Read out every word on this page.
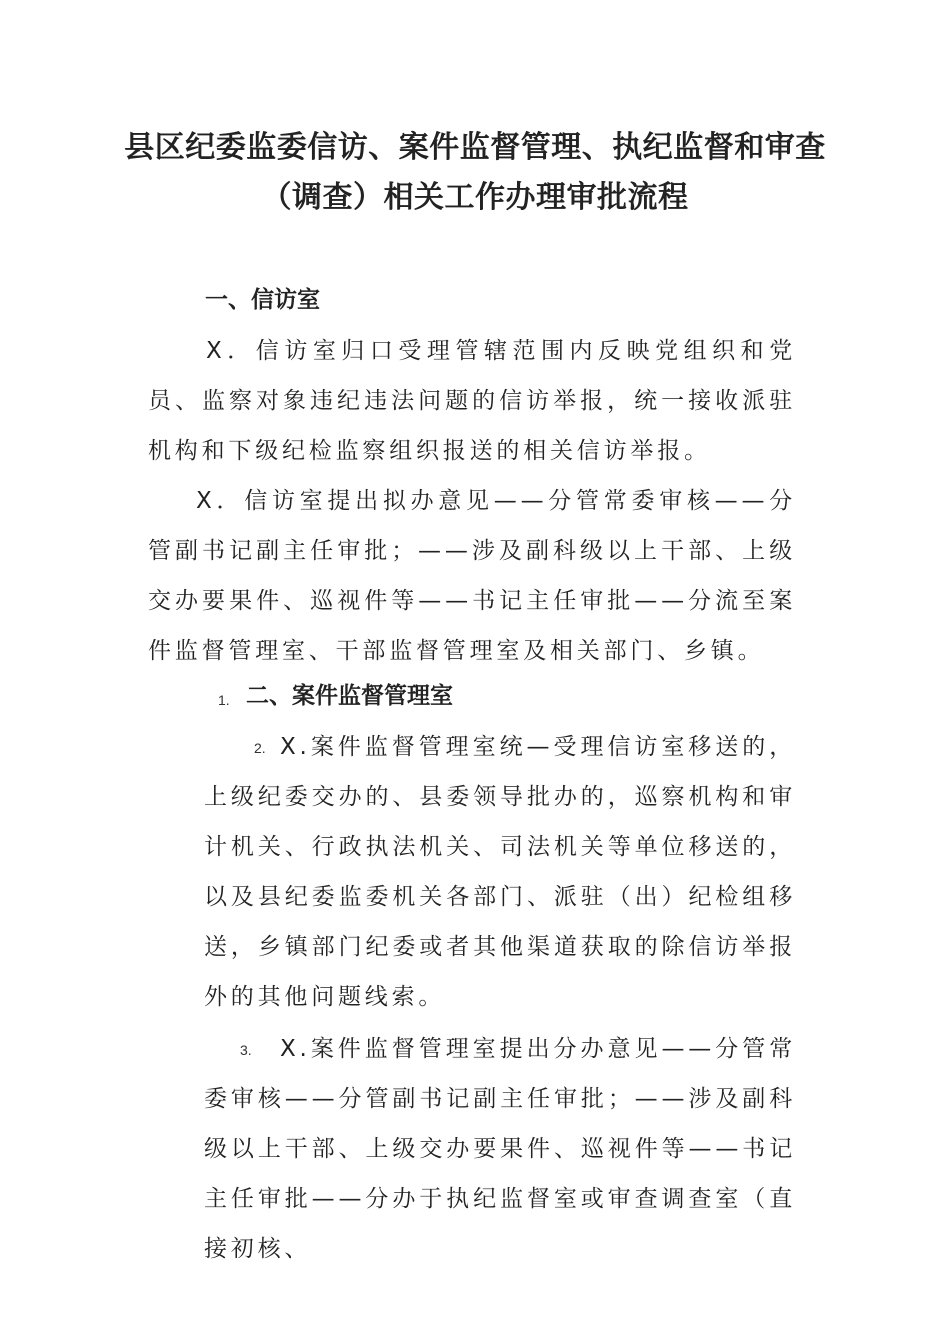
县区纪委监委信访、案件监督管理、执纪监督和审查
（调查）相关工作办理审批流程
一、信访室

X．信访室归口受理管辖范围内反映党组织和党员、监察对象违纪违法问题的信访举报，统一接收派驻机构和下级纪检监察组织报送的相关信访举报。

X．信访室提出拟办意见——分管常委审核——分管副书记副主任审批；——涉及副科级以上干部、上级交办要果件、巡视件等——书记主任审批——分流至案件监督管理室、干部监督管理室及相关部门、乡镇。

1. 二、案件监督管理室
2. X.案件监督管理室统—受理信访室移送的，上级纪委交办的、县委领导批办的，巡察机构和审计机关、行政执法机关、司法机关等单位移送的，以及县纪委监委机关各部门、派驻（出）纪检组移送，乡镇部门纪委或者其他渠道获取的除信访举报外的其他问题线索。

3.	X.案件监督管理室提出分办意见——分管常委审核——分管副书记副主任审批；——涉及副科级以上干部、上级交办要果件、巡视件等——书记主任审批——分办于执纪监督室或审查调查室（直接初核、
